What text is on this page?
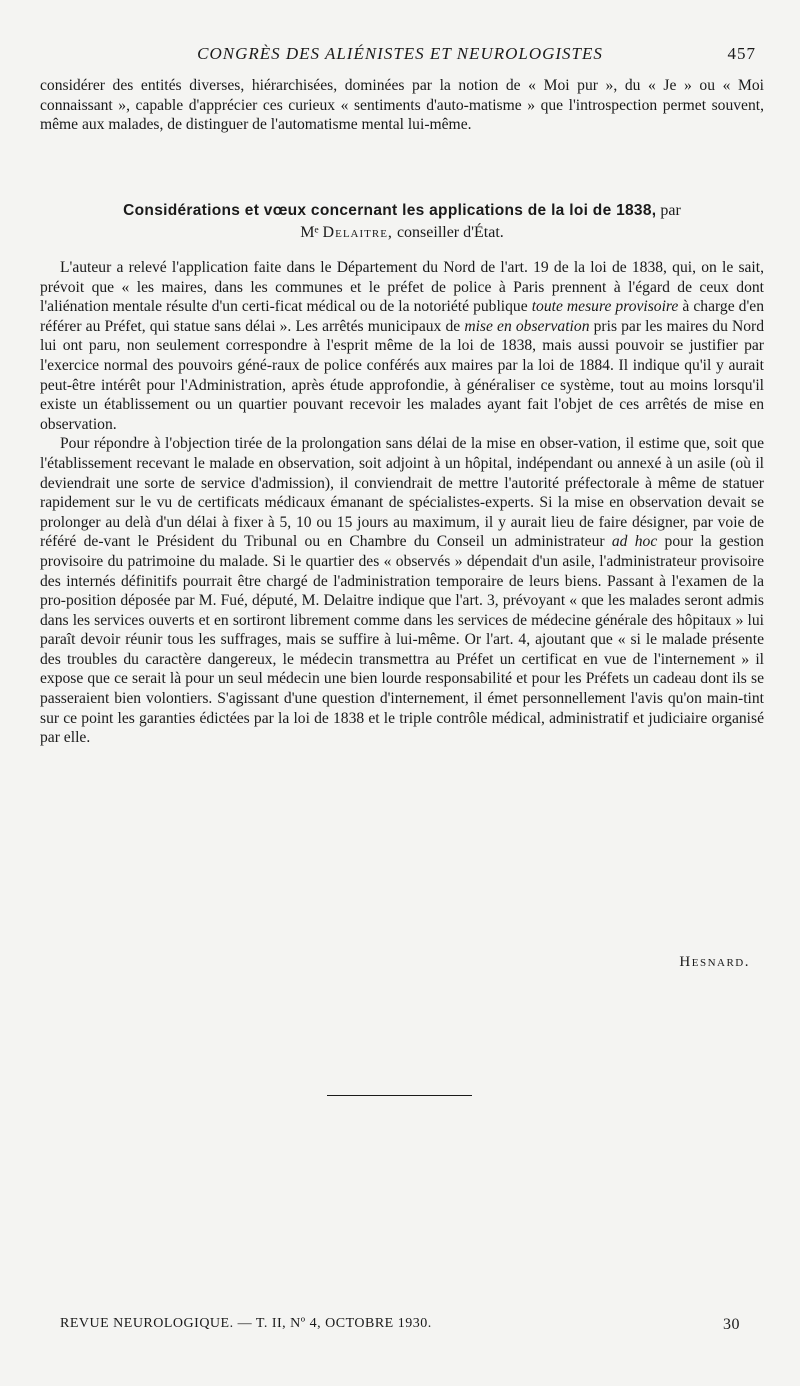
CONGRÈS DES ALIÉNISTES ET NEUROLOGISTES	457

considérer des entités diverses, hiérarchisées, dominées par la notion de « Moi pur », du « Je » ou « Moi connaissant », capable d'apprécier ces curieux « sentiments d'auto-matisme » que l'introspection permet souvent, même aux malades, de distinguer de l'automatisme mental lui-même.

Considérations et vœux concernant les applications de la loi de 1838, par
Mᵉ Delaitre, conseiller d'État.

L'auteur a relevé l'application faite dans le Département du Nord de l'art. 19 de la loi de 1838, qui, on le sait, prévoit que « les maires, dans les communes et le préfet de police à Paris prennent à l'égard de ceux dont l'aliénation mentale résulte d'un certi-ficat médical ou de la notoriété publique toute mesure provisoire à charge d'en référer au Préfet, qui statue sans délai ». Les arrêtés municipaux de mise en observation pris par les maires du Nord lui ont paru, non seulement correspondre à l'esprit même de la loi de 1838, mais aussi pouvoir se justifier par l'exercice normal des pouvoirs géné-raux de police conférés aux maires par la loi de 1884. Il indique qu'il y aurait peut-être intérêt pour l'Administration, après étude approfondie, à généraliser ce système, tout au moins lorsqu'il existe un établissement ou un quartier pouvant recevoir les malades ayant fait l'objet de ces arrêtés de mise en observation.

Pour répondre à l'objection tirée de la prolongation sans délai de la mise en obser-vation, il estime que, soit que l'établissement recevant le malade en observation, soit adjoint à un hôpital, indépendant ou annexé à un asile (où il deviendrait une sorte de service d'admission), il conviendrait de mettre l'autorité préfectorale à même de statuer rapidement sur le vu de certificats médicaux émanant de spécialistes-experts. Si la mise en observation devait se prolonger au delà d'un délai à fixer à 5, 10 ou 15 jours au maximum, il y aurait lieu de faire désigner, par voie de référé de-vant le Président du Tribunal ou en Chambre du Conseil un administrateur ad hoc pour la gestion provisoire du patrimoine du malade. Si le quartier des « observés » dépendait d'un asile, l'administrateur provisoire des internés définitifs pourrait être chargé de l'administration temporaire de leurs biens. Passant à l'examen de la pro-position déposée par M. Fué, député, M. Delaitre indique que l'art. 3, prévoyant « que les malades seront admis dans les services ouverts et en sortiront librement comme dans les services de médecine générale des hôpitaux » lui paraît devoir réunir tous les suffrages, mais se suffire à lui-même. Or l'art. 4, ajoutant que « si le malade présente des troubles du caractère dangereux, le médecin transmettra au Préfet un certificat en vue de l'internement » il expose que ce serait là pour un seul médecin une bien lourde responsabilité et pour les Préfets un cadeau dont ils se passeraient bien volontiers. S'agissant d'une question d'internement, il émet personnellement l'avis qu'on main-tint sur ce point les garanties édictées par la loi de 1838 et le triple contrôle médical, administratif et judiciaire organisé par elle.

Hesnard.
REVUE NEUROLOGIQUE. — T. II, Nº 4, OCTOBRE 1930.	30
